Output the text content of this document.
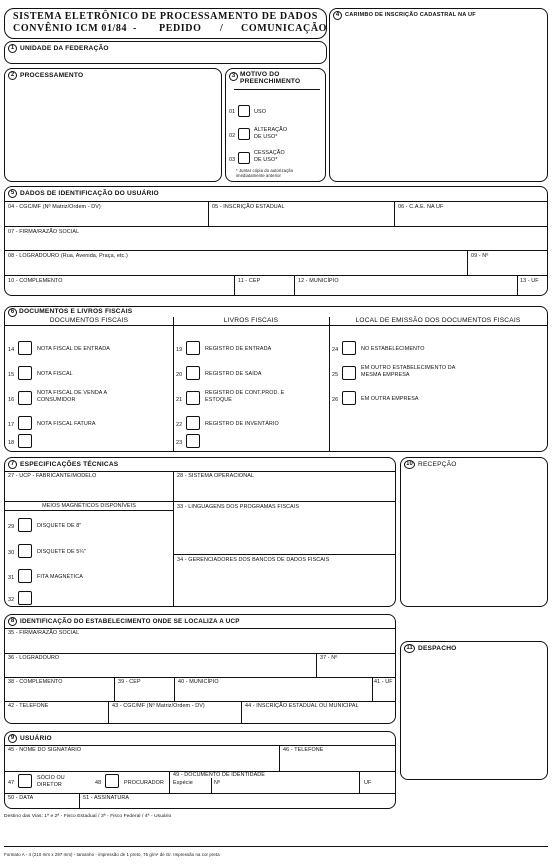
SISTEMA ELETRÔNICO DE PROCESSAMENTO DE DADOS
CONVÊNIO ICM 01/84 - PEDIDO / COMUNICAÇÃO
1 UNIDADE DA FEDERAÇÃO
4	CARIMBO DE INSCRIÇÃO CADASTRAL NA UF
2 PROCESSAMENTO	3 MOTIVO DO PREENCHIMENTO
01	USO
02
ALTERAÇÃO DE USO*
03
CESSAÇÃO DE USO*
* Juntar cópia do autorização imediatamente anterior
5 DADOS DE IDENTIFICAÇÃO DO USUÁRIO
04 - CGC/MF (Nº Matriz/Ordem - DV)	05 - INSCRIÇÃO ESTADUAL	06 - C.A.E. NA UF
07 - FIRMA/RAZÃO SOCIAL
08 - LOGRADOURO (Rua, Avenida, Praça, etc.)	09 - Nº
10 - COMPLEMENTO	11 - CEP	12 - MUNICÍPIO	13 - UF
6 DOCUMENTOS E LIVROS FISCAIS
DOCUMENTOS FISCAIS	LIVROS FISCAIS	LOCAL DE EMISSÃO DOS DOCUMENTOS FISCAIS
14	NOTA FISCAL DE ENTRADA
15	NOTA FISCAL
16
NOTA FISCAL DE VENDA A CONSUMIDOR
17	NOTA FISCAL FATURA
18
19	REGISTRO DE ENTRADA
20	REGISTRO DE SAÍDA
21
REGISTRO DE CONT.PROD. E ESTOQUE
22	REGISTRO DE INVENTÁRIO
23
24	NO ESTABELECIMENTO
25
EM OUTRO ESTABELECIMENTO DA MESMA EMPRESA
26	EM OUTRA EMPRESA
7 ESPECIFICAÇÕES TÉCNICAS
27 - UCP - FABRICANTE/MODELO	28 - SISTEMA OPERACIONAL
MEIOS MAGNÉTICOS DISPONÍVEIS	33 - LINGUAGENS DOS PROGRAMAS FISCAIS
34 - GERENCIADORES DOS BANCOS DE DADOS FISCAIS
29	DISQUETE DE 8"
30	DISQUETE DE 5¼"
31	FITA MAGNÉTICA
32
10 RECEPÇÃO
8 IDENTIFICAÇÃO DO ESTABELECIMENTO ONDE SE LOCALIZA A UCP
35 - FIRMA/RAZÃO SOCIAL
36 - LOGRADOURO	37 - Nº
38 - COMPLEMENTO	39 - CEP	40 - MUNICÍPIO	41 - UF
42 - TELEFONE	43 - CGC/MF (Nº Matriz/Ordem - DV)	44 - INSCRIÇÃO ESTADUAL OU MUNICIPAL
11 DESPACHO
9 USUÁRIO
45 - NOME DO SIGNATÁRIO	46 - TELEFONE
47
SÓCIO OU DIRETOR	48	PROCURADOR
49 - DOCUMENTO DE IDENTIDADE
Espécie	Nº	UF
50 - DATA	51 - ASSINATURA
Destino das Vias: 1ª e 2ª - Fisco Estadual / 3ª - Fisco Federal / 4ª - Usuário
Formato A - 4 (210 mm x 297 mm) - tamanho - impressão de 1 preto, 75 g/m² de Gr. Impressão na cor preta
